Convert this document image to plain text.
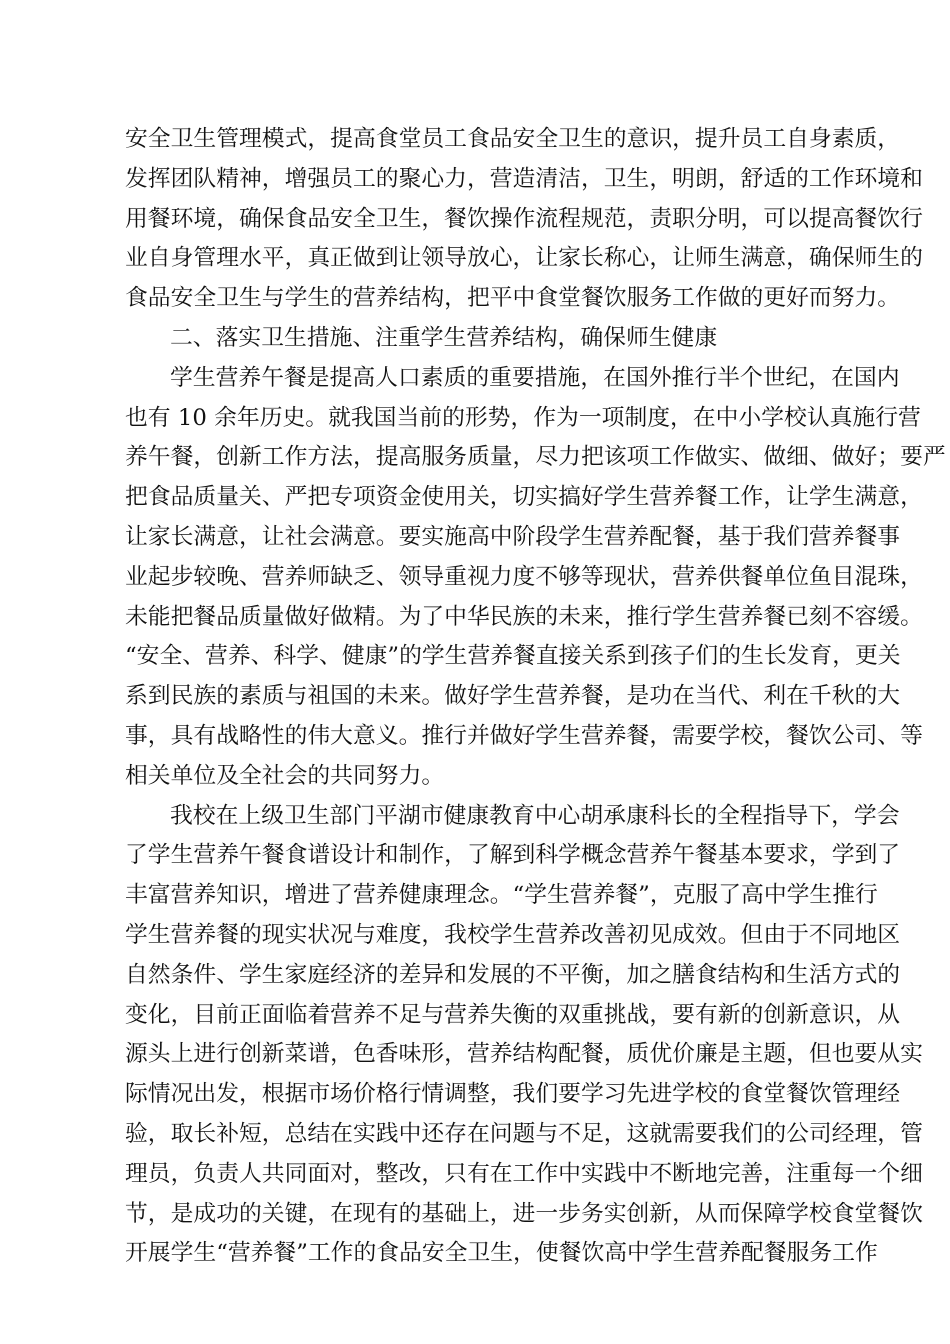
安全卫生管理模式，提高食堂员工食品安全卫生的意识，提升员工自身素质，
发挥团队精神，增强员工的聚心力，营造清洁，卫生，明朗，舒适的工作环境和
用餐环境，确保食品安全卫生，餐饮操作流程规范，责职分明，可以提高餐饮行
业自身管理水平，真正做到让领导放心，让家长称心，让师生满意，确保师生的
食品安全卫生与学生的营养结构，把平中食堂餐饮服务工作做的更好而努力。
二、落实卫生措施、注重学生营养结构，确保师生健康
学生营养午餐是提高人口素质的重要措施，在国外推行半个世纪，在国内
也有 10 余年历史。就我国当前的形势，作为一项制度，在中小学校认真施行营
养午餐，创新工作方法，提高服务质量，尽力把该项工作做实、做细、做好；要严
把食品质量关、严把专项资金使用关，切实搞好学生营养餐工作，让学生满意，
让家长满意，让社会满意。要实施高中阶段学生营养配餐，基于我们营养餐事
业起步较晚、营养师缺乏、领导重视力度不够等现状，营养供餐单位鱼目混珠，
未能把餐品质量做好做精。为了中华民族的未来，推行学生营养餐已刻不容缓。
“安全、营养、科学、健康”的学生营养餐直接关系到孩子们的生长发育，更关
系到民族的素质与祖国的未来。做好学生营养餐，是功在当代、利在千秋的大
事，具有战略性的伟大意义。推行并做好学生营养餐，需要学校，餐饮公司、等
相关单位及全社会的共同努力。
我校在上级卫生部门平湖市健康教育中心胡承康科长的全程指导下，学会
了学生营养午餐食谱设计和制作，了解到科学概念营养午餐基本要求，学到了
丰富营养知识，增进了营养健康理念。“学生营养餐”，克服了高中学生推行
学生营养餐的现实状况与难度，我校学生营养改善初见成效。但由于不同地区
自然条件、学生家庭经济的差异和发展的不平衡，加之膳食结构和生活方式的
变化，目前正面临着营养不足与营养失衡的双重挑战，要有新的创新意识，从
源头上进行创新菜谱，色香味形，营养结构配餐，质优价廉是主题，但也要从实
际情况出发，根据市场价格行情调整，我们要学习先进学校的食堂餐饮管理经
验，取长补短，总结在实践中还存在问题与不足，这就需要我们的公司经理，管
理员，负责人共同面对，整改，只有在工作中实践中不断地完善，注重每一个细
节，是成功的关键，在现有的基础上，进一步务实创新，从而保障学校食堂餐饮
开展学生“营养餐”工作的食品安全卫生，使餐饮高中学生营养配餐服务工作
